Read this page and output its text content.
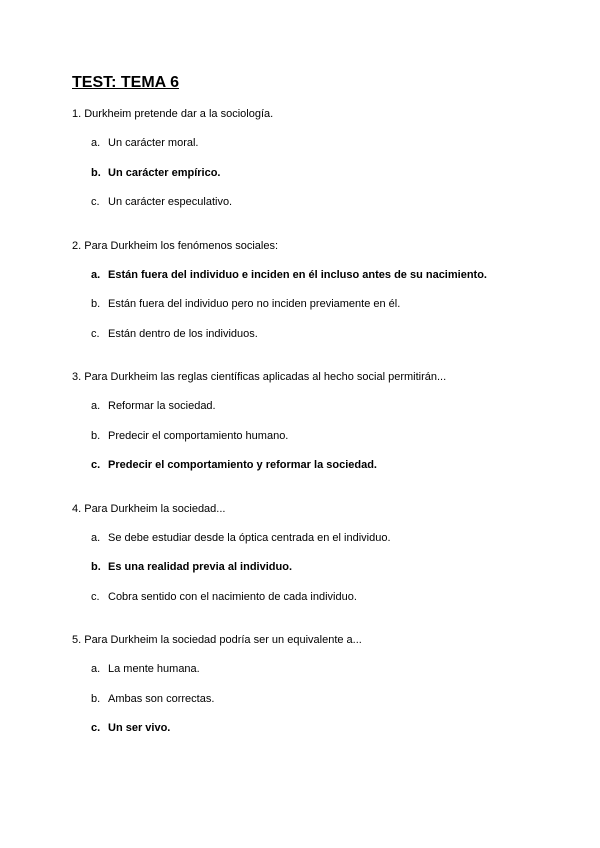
TEST: TEMA 6
1. Durkheim pretende dar a la sociología.
a. Un carácter moral.
b. Un carácter empírico.
c. Un carácter especulativo.
2. Para Durkheim los fenómenos sociales:
a. Están fuera del individuo e inciden en él incluso antes de su nacimiento.
b. Están fuera del individuo pero no inciden previamente en él.
c. Están dentro de los individuos.
3. Para Durkheim las reglas científicas aplicadas al hecho social permitirán...
a. Reformar la sociedad.
b. Predecir el comportamiento humano.
c. Predecir el comportamiento y reformar la sociedad.
4. Para Durkheim la sociedad...
a. Se debe estudiar desde la óptica centrada en el individuo.
b. Es una realidad previa al individuo.
c. Cobra sentido con el nacimiento de cada individuo.
5. Para Durkheim la sociedad podría ser un equivalente a...
a. La mente humana.
b. Ambas son correctas.
c. Un ser vivo.
